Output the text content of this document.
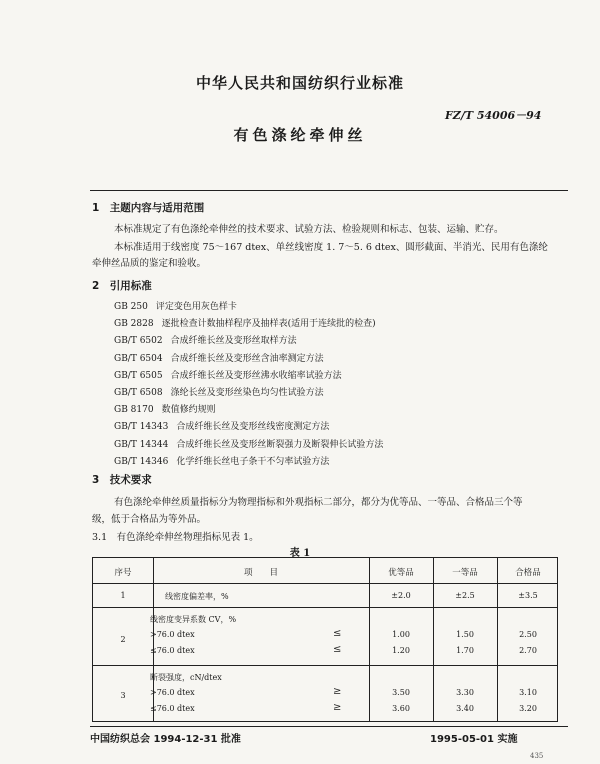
中华人民共和国纺织行业标准
FZ/T 54006－94
有色涤纶牵伸丝
1　主题内容与适用范围
本标准规定了有色涤纶牵伸丝的技术要求、试验方法、检验规则和标志、包装、运输、贮存。
本标准适用于线密度 75～167 dtex、单丝线密度 1. 7～5. 6 dtex、圆形截面、半消光、民用有色涤纶
牵伸丝品质的鉴定和验收。
2　引用标准
GB 250 评定变色用灰色样卡
GB 2828 逐批检查计数抽样程序及抽样表(适用于连续批的检查)
GB/T 6502 合成纤维长丝及变形丝取样方法
GB/T 6504 合成纤维长丝及变形丝含油率测定方法
GB/T 6505 合成纤维长丝及变形丝沸水收缩率试验方法
GB/T 6508 涤纶长丝及变形丝染色均匀性试验方法
GB 8170 数值修约规则
GB/T 14343 合成纤维长丝及变形丝线密度测定方法
GB/T 14344 合成纤维长丝及变形丝断裂强力及断裂伸长试验方法
GB/T 14346 化学纤维长丝电子条干不匀率试验方法
3　技术要求
有色涤纶牵伸丝质量指标分为物理指标和外观指标二部分，都分为优等品、一等品、合格品三个等
级，低于合格品为等外品。
3.1　有色涤纶牵伸丝物理指标见表 1。
表 1
序号	项　　目	优等品	一等品	合格品
1	线密度偏差率，%	±2.0	±2.5	±3.5
2
线密度变异系数 CV，%
>76.0 dtex	≤	1.00	1.50	2.50
≤76.0 dtex	≤	1.20	1.70	2.70
3
断裂强度，cN/dtex
>76.0 dtex	≥	3.50	3.30	3.10
≤76.0 dtex	≥	3.60	3.40	3.20
中国纺织总会 1994-12-31 批准	1995-05-01 实施
435
